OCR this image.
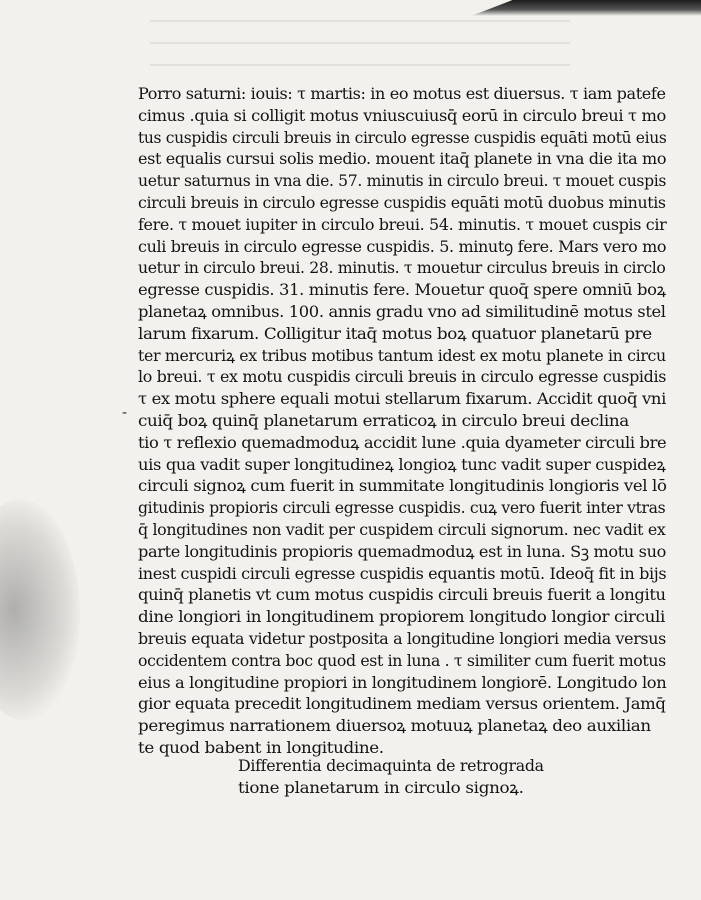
-
Porro saturni: iouis: τ martis: in eo motus est diuersus. τ iam patefe
cimus .quia si colligit motus vniuscuiusq̄ eorū in circulo breui τ mo
tus cuspidis circuli breuis in circulo egresse cuspidis equāti motū eius
est equalis cursui solis medio. mouent itaq̄ planete in vna die ita mo
uetur saturnus in vna die. 57. minutis in circulo breui. τ mouet cuspis
circuli breuis in circulo egresse cuspidis equāti motū duobus minutis
fere. τ mouet iupiter in circulo breui. 54. minutis. τ mouet cuspis cir
culi breuis in circulo egresse cuspidis. 5. minutꝯ fere. Mars vero mo
uetur in circulo breui. 28. minutis. τ mouetur circulus breuis in circlo
egresse cuspidis. 31. minutis fere. Mouetur quoq̄ spere omniū boꝝ
planetaꝝ omnibus. 100. annis gradu vno ad similitudinē motus stel
larum fixarum. Colligitur itaq̄ motus boꝝ quatuor planetarū pre
ter mercuriꝝ ex tribus motibus tantum idest ex motu planete in circu
lo breui. τ ex motu cuspidis circuli breuis in circulo egresse cuspidis
τ ex motu sphere equali motui stellarum fixarum. Accidit quoq̄ vni
cuiq̄ boꝝ quinq̄ planetarum erraticoꝝ in circulo breui declina
tio τ reflexio quemadmoduꝝ accidit lune .quia dyameter circuli bre
uis qua vadit super longitudineꝝ longioꝝ tunc vadit super cuspideꝝ
circuli signoꝝ cum fuerit in summitate longitudinis longioris vel lō
gitudinis propioris circuli egresse cuspidis. cuꝝ vero fuerit inter vtras
q̄ longitudines non vadit per cuspidem circuli signorum. nec vadit ex
parte longitudinis propioris quemadmoduꝝ est in luna. Sꝫ motu suo
inest cuspidi circuli egresse cuspidis equantis motū. Ideoq̄ fit in bijs
quinq̄ planetis vt cum motus cuspidis circuli breuis fuerit a longitu
dine longiori in longitudinem propiorem longitudo longior circuli
breuis equata videtur postposita a longitudine longiori media versus
occidentem contra boc quod est in luna . τ similiter cum fuerit motus
eius a longitudine propiori in longitudinem longiorē. Longitudo lon
gior equata precedit longitudinem mediam versus orientem. Jamq̄
peregimus narrationem diuersoꝝ motuuꝝ planetaꝝ deo auxilian
te quod babent in longitudine.
Differentia decimaquinta de retrograda
tione planetarum in circulo signoꝝ.
